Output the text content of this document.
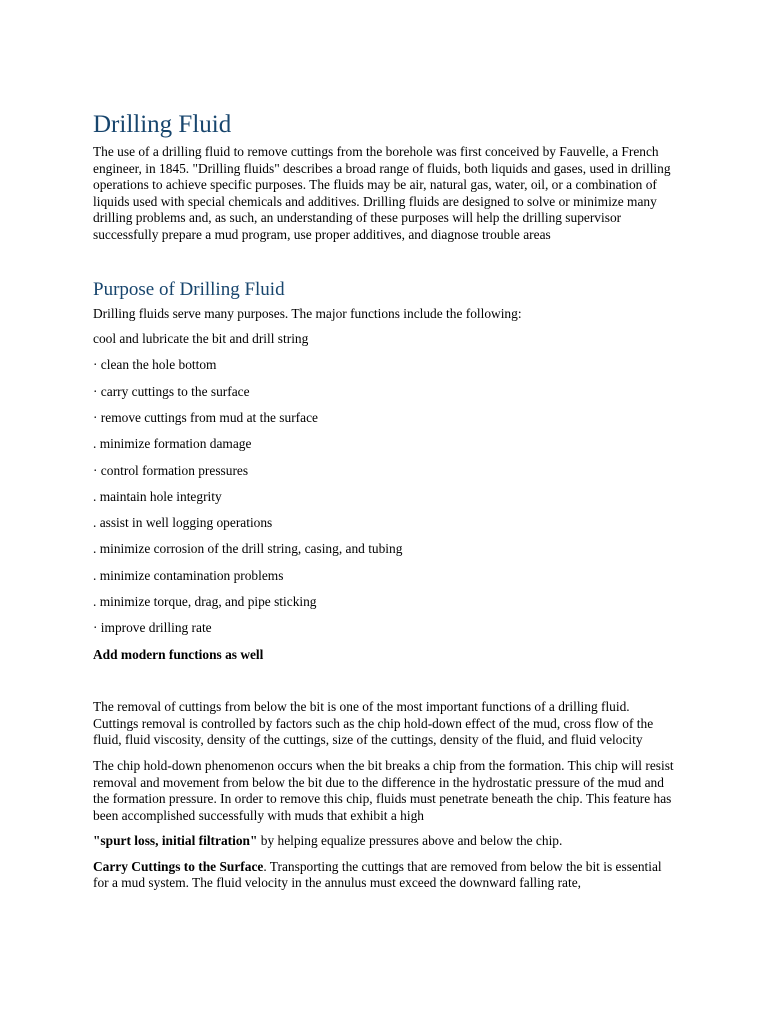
Drilling Fluid

The use of a drilling fluid to remove cuttings from the borehole was first conceived by Fauvelle, a French engineer, in 1845. "Drilling fluids" describes a broad range of fluids, both liquids and gases, used in drilling operations to achieve specific purposes. The fluids may be air, natural gas, water, oil, or a combination of liquids used with special chemicals and additives. Drilling fluids are designed to solve or minimize many drilling problems and, as such, an understanding of these purposes will help the drilling supervisor successfully prepare a mud program, use proper additives, and diagnose trouble areas

Purpose of Drilling Fluid

Drilling fluids serve many purposes. The major functions include the following:

cool and lubricate the bit and drill string
· clean the hole bottom
· carry cuttings to the surface
· remove cuttings from mud at the surface
. minimize formation damage
· control formation pressures
. maintain hole integrity
. assist in well logging operations
. minimize corrosion of the drill string, casing, and tubing
. minimize contamination problems
. minimize torque, drag, and pipe sticking
· improve drilling rate

Add modern functions as well

The removal of cuttings from below the bit is one of the most important functions of a drilling fluid. Cuttings removal is controlled by factors such as the chip hold-down effect of the mud, cross flow of the fluid, fluid viscosity, density of the cuttings, size of the cuttings, density of the fluid, and fluid velocity

The chip hold-down phenomenon occurs when the bit breaks a chip from the formation. This chip will resist removal and movement from below the bit due to the difference in the hydrostatic pressure of the mud and the formation pressure. In order to remove this chip, fluids must penetrate beneath the chip. This feature has been accomplished successfully with muds that exhibit a high

"spurt loss, initial filtration" by helping equalize pressures above and below the chip.

Carry Cuttings to the Surface. Transporting the cuttings that are removed from below the bit is essential for a mud system. The fluid velocity in the annulus must exceed the downward falling rate,
